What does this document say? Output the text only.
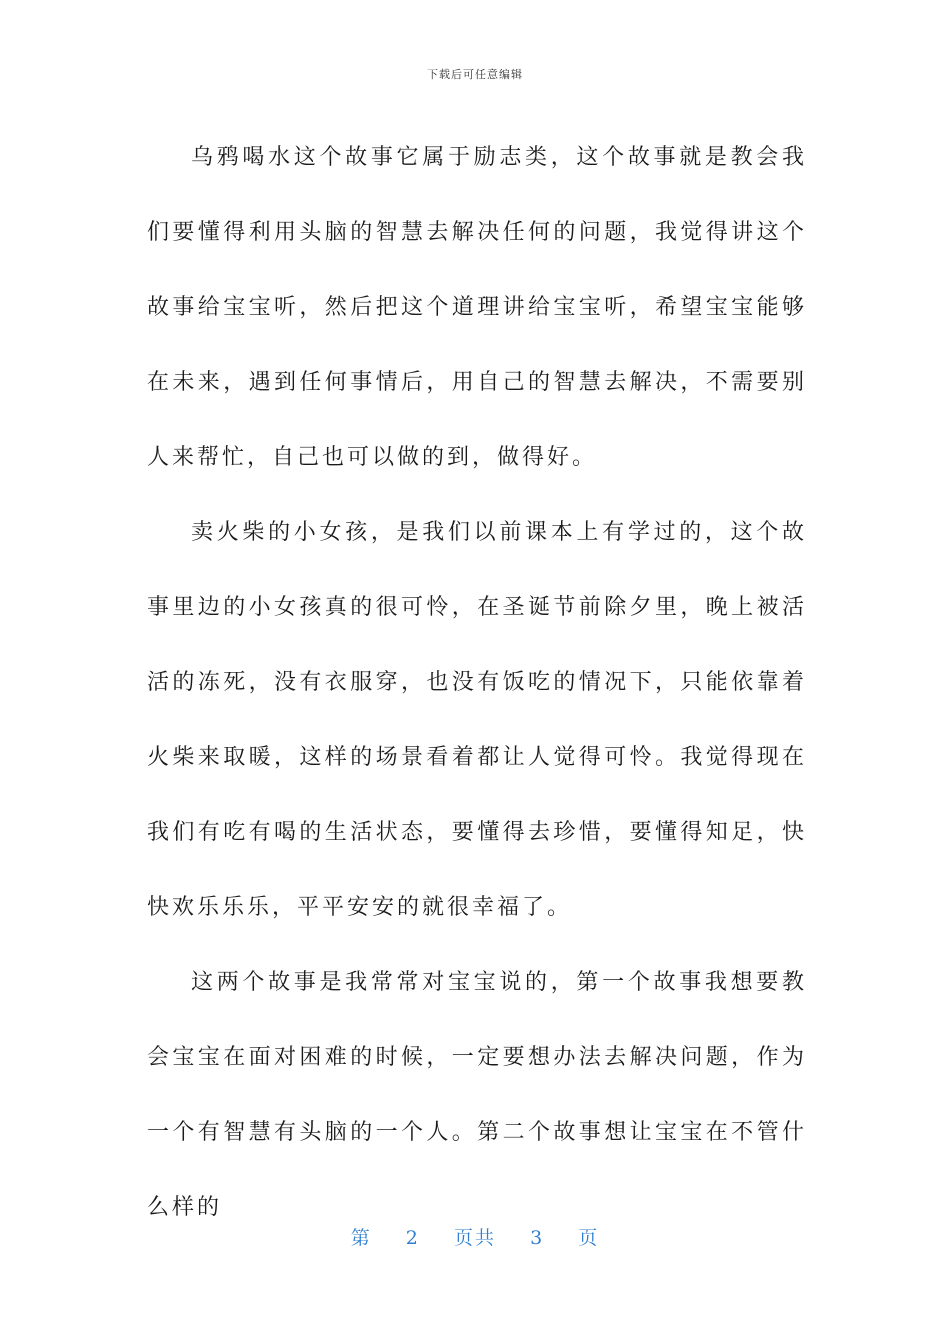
下载后可任意编辑

乌鸦喝水这个故事它属于励志类，这个故事就是教会我们要懂得利用头脑的智慧去解决任何的问题，我觉得讲这个故事给宝宝听，然后把这个道理讲给宝宝听，希望宝宝能够在未来，遇到任何事情后，用自己的智慧去解决，不需要别人来帮忙，自己也可以做的到，做得好。

卖火柴的小女孩，是我们以前课本上有学过的，这个故事里边的小女孩真的很可怜，在圣诞节前除夕里，晚上被活活的冻死，没有衣服穿，也没有饭吃的情况下，只能依靠着火柴来取暖，这样的场景看着都让人觉得可怜。我觉得现在我们有吃有喝的生活状态，要懂得去珍惜，要懂得知足，快快欢乐乐乐，平平安安的就很幸福了。

这两个故事是我常常对宝宝说的，第一个故事我想要教会宝宝在面对困难的时候，一定要想办法去解决问题，作为一个有智慧有头脑的一个人。第二个故事想让宝宝在不管什么样的

第 2 页共 3 页
